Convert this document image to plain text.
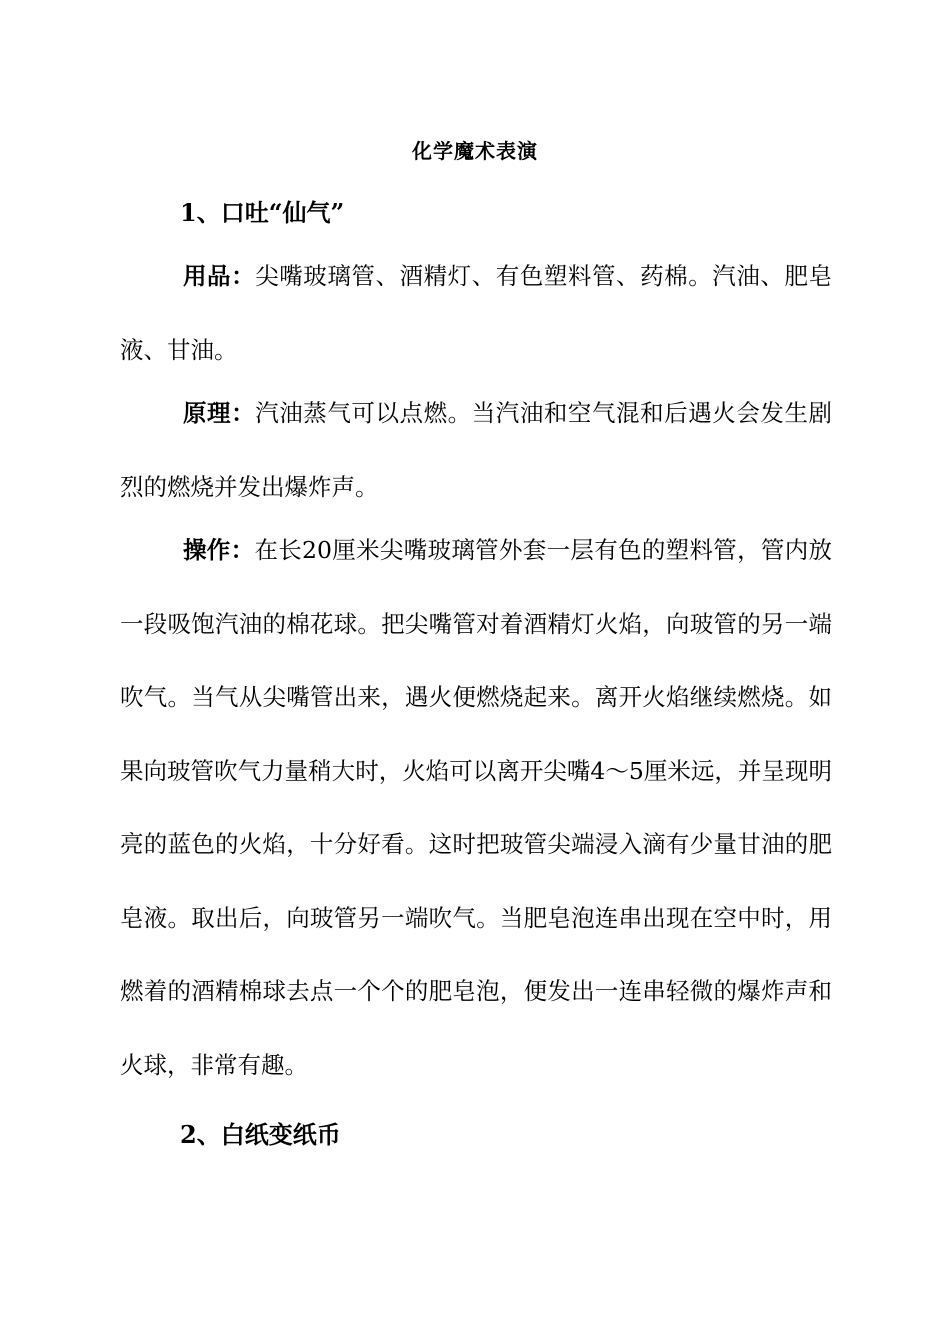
化学魔术表演
1、口吐“仙气”

用品：尖嘴玻璃管、酒精灯、有色塑料管、药棉。汽油、肥皂液、甘油。

原理：汽油蒸气可以点燃。当汽油和空气混和后遇火会发生剧烈的燃烧并发出爆炸声。

操作：在长20厘米尖嘴玻璃管外套一层有色的塑料管，管内放一段吸饱汽油的棉花球。把尖嘴管对着酒精灯火焰，向玻管的另一端吹气。当气从尖嘴管出来，遇火便燃烧起来。离开火焰继续燃烧。如果向玻管吹气力量稍大时，火焰可以离开尖嘴4～5厘米远，并呈现明亮的蓝色的火焰，十分好看。这时把玻管尖端浸入滴有少量甘油的肥皂液。取出后，向玻管另一端吹气。当肥皂泡连串出现在空中时，用燃着的酒精棉球去点一个个的肥皂泡，便发出一连串轻微的爆炸声和火球，非常有趣。

2、白纸变纸币
